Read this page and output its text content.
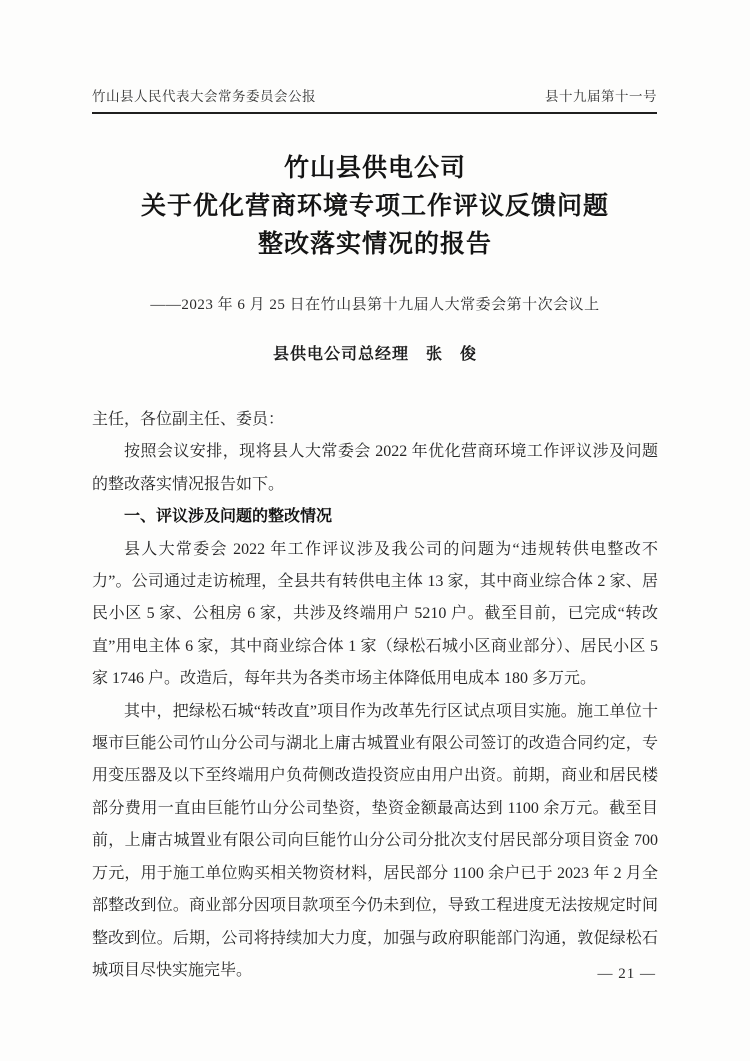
竹山县人民代表大会常务委员会公报	县十九届第十一号
竹山县供电公司
关于优化营商环境专项工作评议反馈问题
整改落实情况的报告
——2023 年 6 月 25 日在竹山县第十九届人大常委会第十次会议上
县供电公司总经理　张　俊

主任，各位副主任、委员：

按照会议安排，现将县人大常委会 2022 年优化营商环境工作评议涉及问题的整改落实情况报告如下。

一、评议涉及问题的整改情况

县人大常委会 2022 年工作评议涉及我公司的问题为“违规转供电整改不力”。公司通过走访梳理，全县共有转供电主体 13 家，其中商业综合体 2 家、居民小区 5 家、公租房 6 家，共涉及终端用户 5210 户。截至目前，已完成“转改直”用电主体 6 家，其中商业综合体 1 家（绿松石城小区商业部分）、居民小区 5 家 1746 户。改造后，每年共为各类市场主体降低用电成本 180 多万元。

其中，把绿松石城“转改直”项目作为改革先行区试点项目实施。施工单位十堰市巨能公司竹山分公司与湖北上庸古城置业有限公司签订的改造合同约定，专用变压器及以下至终端用户负荷侧改造投资应由用户出资。前期，商业和居民楼部分费用一直由巨能竹山分公司垫资，垫资金额最高达到 1100 余万元。截至目前，上庸古城置业有限公司向巨能竹山分公司分批次支付居民部分项目资金 700 万元，用于施工单位购买相关物资材料，居民部分 1100 余户已于 2023 年 2 月全部整改到位。商业部分因项目款项至今仍未到位，导致工程进度无法按规定时间整改到位。后期，公司将持续加大力度，加强与政府职能部门沟通，敦促绿松石城项目尽快实施完毕。	— 21 —
